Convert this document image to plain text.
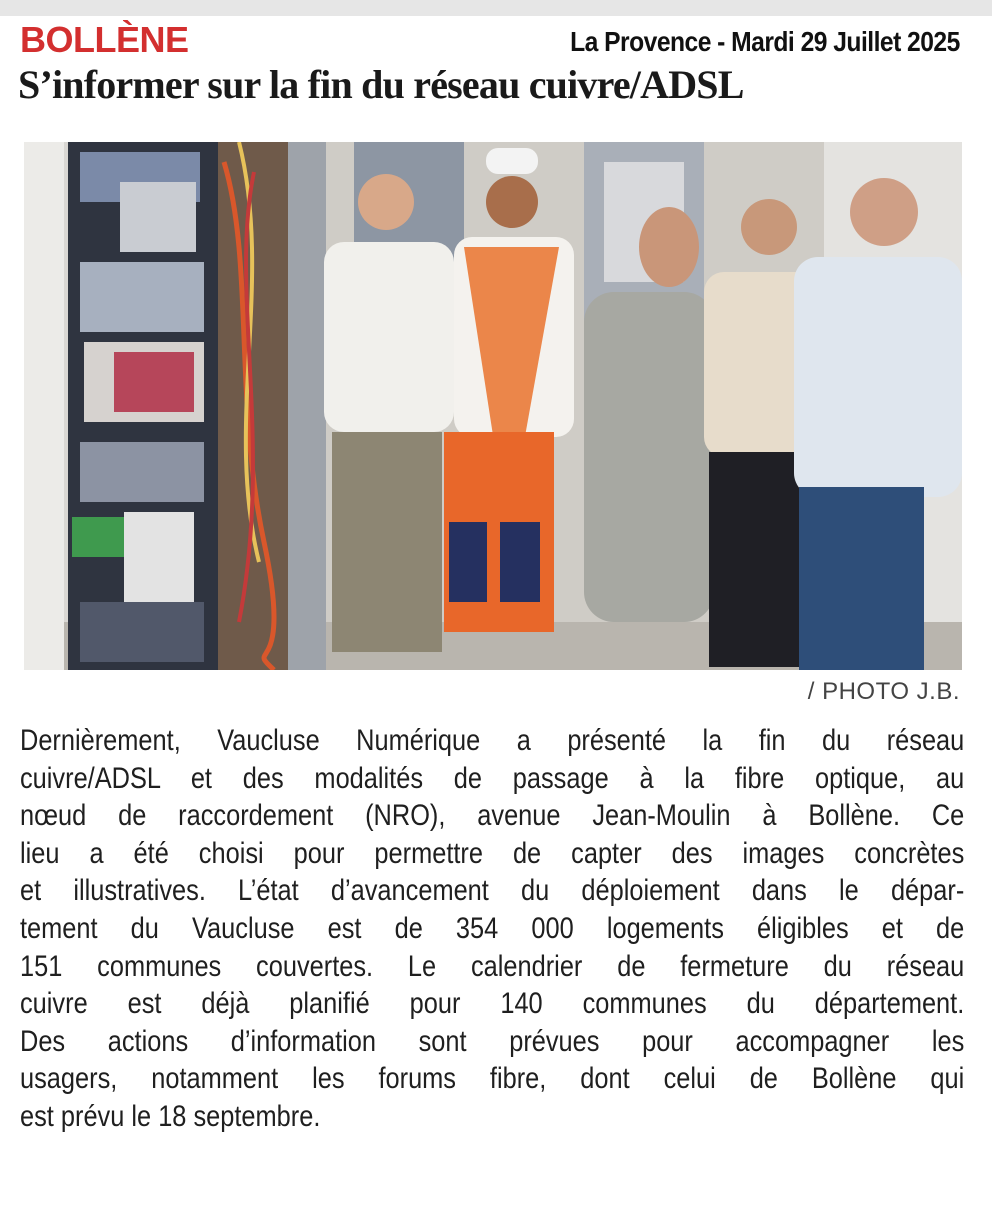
BOLLÈNE	La Provence - Mardi 29 Juillet 2025
S’informer sur la fin du réseau cuivre/ADSL
/ PHOTO J.B.
Dernièrement, Vaucluse Numérique a présenté la fin du réseau
cuivre/ADSL et des modalités de passage à la fibre optique, au
nœud de raccordement (NRO), avenue Jean-Moulin à Bollène. Ce
lieu a été choisi pour permettre de capter des images concrètes
et illustratives. L’état d’avancement du déploiement dans le dépar-
tement du Vaucluse est de 354 000 logements éligibles et de
151 communes couvertes. Le calendrier de fermeture du réseau
cuivre est déjà planifié pour 140 communes du département.
Des actions d’information sont prévues pour accompagner les
usagers, notamment les forums fibre, dont celui de Bollène qui
est prévu le 18 septembre.
